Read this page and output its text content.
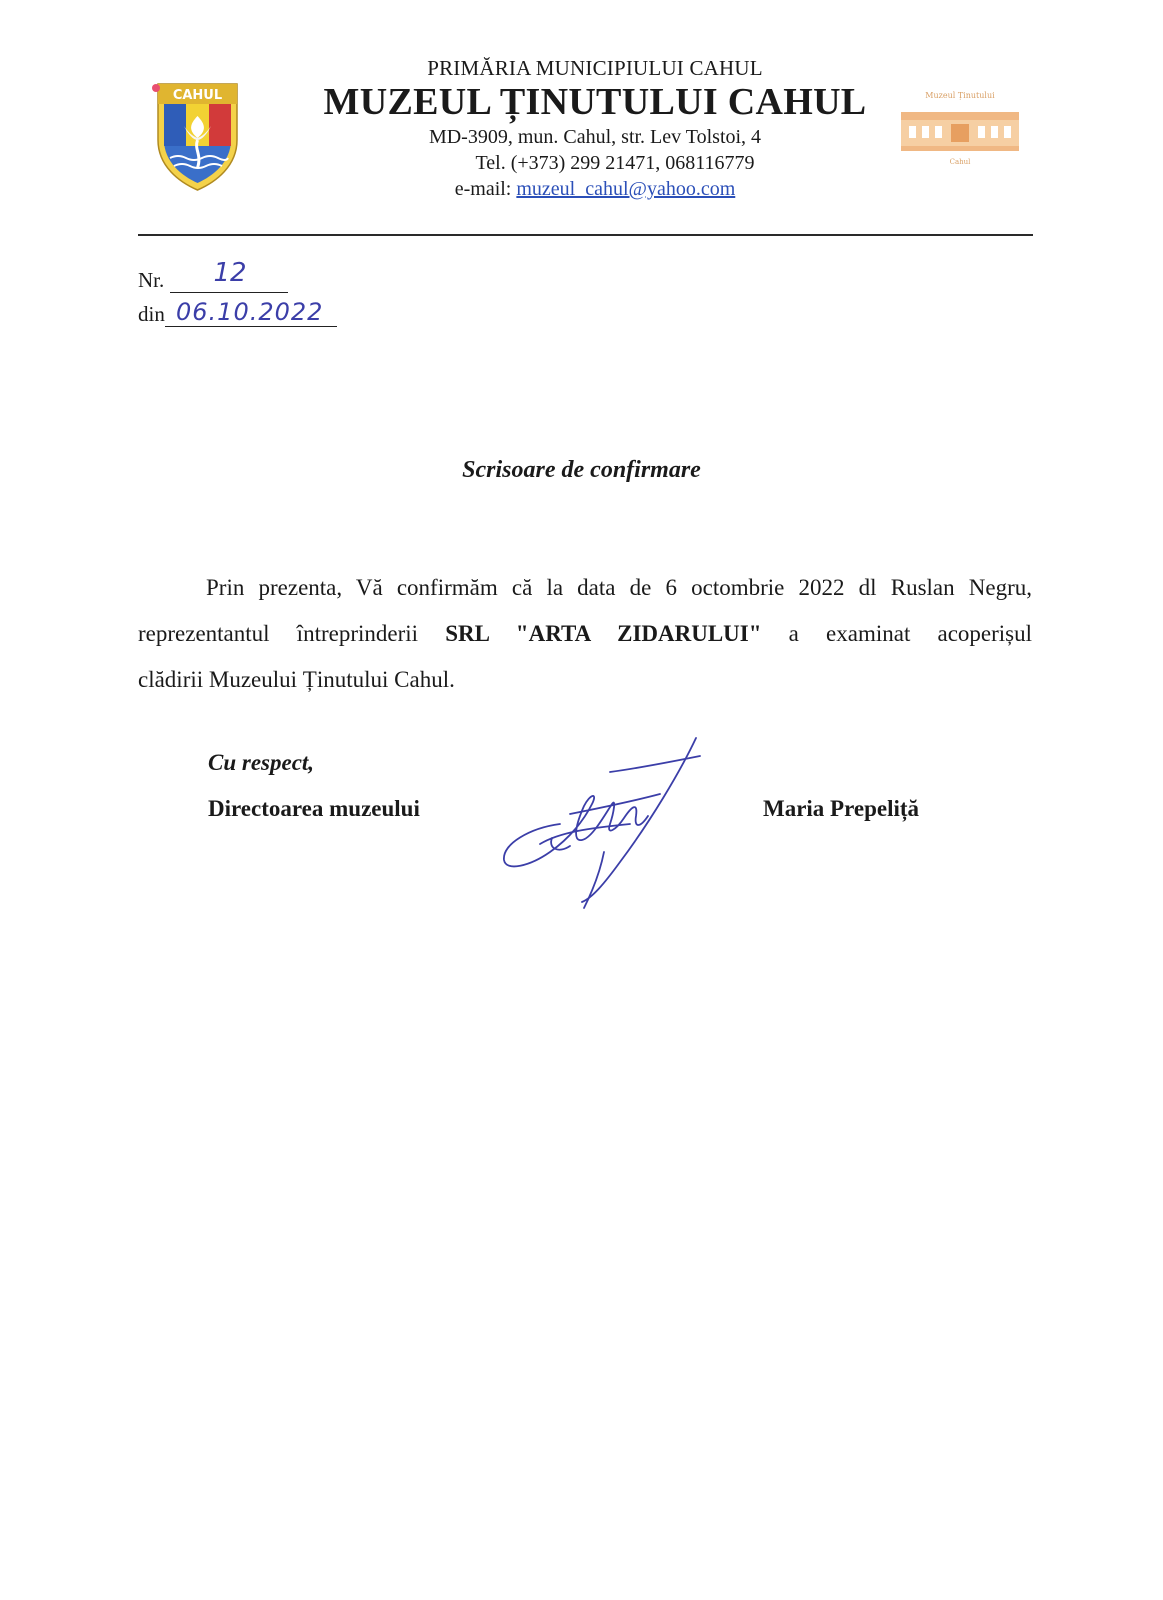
CAHUL
PRIMĂRIA MUNICIPIULUI CAHUL
MUZEUL ȚINUTULUI CAHUL
MD-3909, mun. Cahul, str. Lev Tolstoi, 4
Tel. (+373) 299 21471, 068116779
e-mail: muzeul_cahul@yahoo.com
Muzeul Ținutului
Cahul
Nr.
din
12
06.10.2022
Scrisoare de confirmare
Prin prezenta, Vă confirmăm că la data de 6 octombrie 2022 dl Ruslan Negru,
reprezentantul întreprinderii SRL "ARTA ZIDARULUI" a examinat acoperișul
clădirii Muzeului Ținutului Cahul.
Cu respect,
Directoarea muzeului	Maria Prepeliță
